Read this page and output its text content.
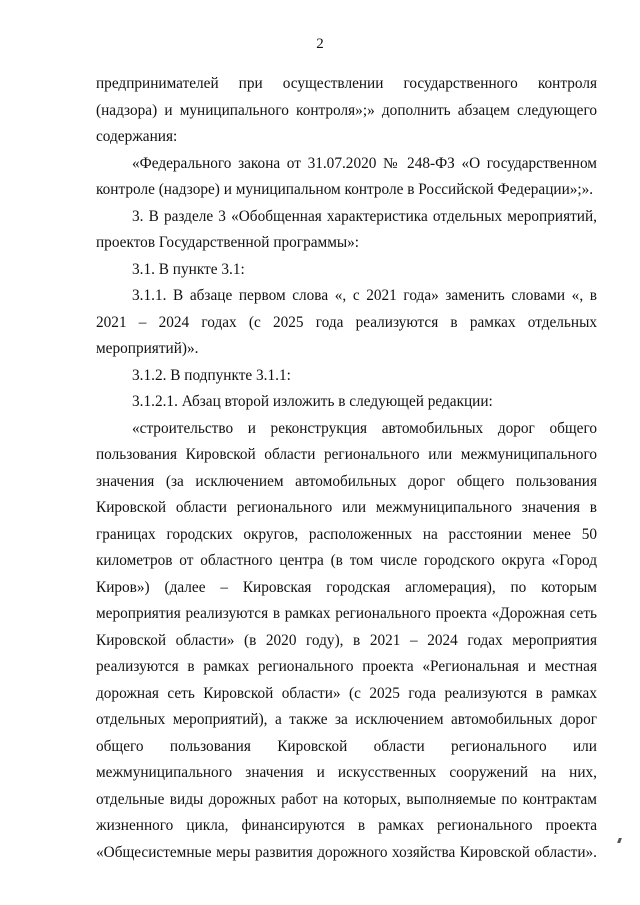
2

предпринимателей при осуществлении государственного контроля (надзора) и муниципального контроля»;» дополнить абзацем следующего содержания:

«Федерального закона от 31.07.2020 № 248-ФЗ «О государственном контроле (надзоре) и муниципальном контроле в Российской Федерации»;».

3. В разделе 3 «Обобщенная характеристика отдельных мероприятий, проектов Государственной программы»:

3.1. В пункте 3.1:

3.1.1. В абзаце первом слова «, с 2021 года» заменить словами «, в 2021 – 2024 годах (с 2025 года реализуются в рамках отдельных мероприятий)».

3.1.2. В подпункте 3.1.1:

3.1.2.1. Абзац второй изложить в следующей редакции:

«строительство и реконструкция автомобильных дорог общего пользования Кировской области регионального или межмуниципального значения (за исключением автомобильных дорог общего пользования Кировской области регионального или межмуниципального значения в границах городских округов, расположенных на расстоянии менее 50 километров от областного центра (в том числе городского округа «Город Киров») (далее – Кировская городская агломерация), по которым мероприятия реализуются в рамках регионального проекта «Дорожная сеть Кировской области» (в 2020 году), в 2021 – 2024 годах мероприятия реализуются в рамках регионального проекта «Региональная и местная дорожная сеть Кировской области» (с 2025 года реализуются в рамках отдельных мероприятий), а также за исключением автомобильных дорог общего пользования Кировской области регионального или межмуниципального значения и искусственных сооружений на них, отдельные виды дорожных работ на которых, выполняемые по контрактам жизненного цикла, финансируются в рамках регионального проекта «Общесистемные меры развития дорожного хозяйства Кировской области».
